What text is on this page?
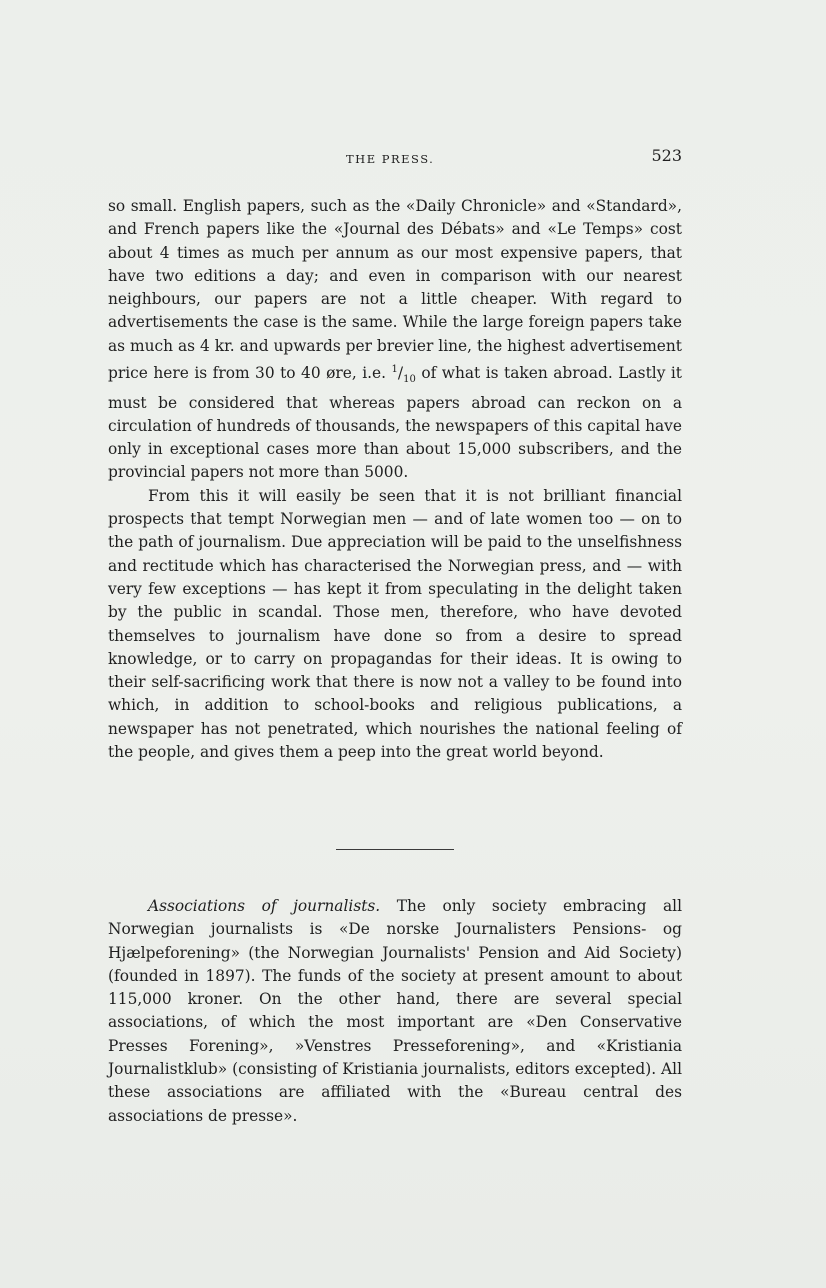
THE PRESS.	523

so small. English papers, such as the «Daily Chronicle» and «Standard», and French papers like the «Journal des Débats» and «Le Temps» cost about 4 times as much per annum as our most expensive papers, that have two editions a day; and even in comparison with our nearest neighbours, our papers are not a little cheaper. With regard to advertisements the case is the same. While the large foreign papers take as much as 4 kr. and upwards per brevier line, the highest advertisement price here is from 30 to 40 øre, i.e. $^1/_{10}$ of what is taken abroad. Lastly it must be considered that whereas papers abroad can reckon on a circulation of hundreds of thousands, the newspapers of this capital have only in exceptional cases more than about 15,000 subscribers, and the provincial papers not more than 5000.

From this it will easily be seen that it is not brilliant financial prospects that tempt Norwegian men — and of late women too — on to the path of journalism. Due appreciation will be paid to the unselfishness and rectitude which has characterised the Norwegian press, and — with very few exceptions — has kept it from speculating in the delight taken by the public in scandal. Those men, therefore, who have devoted themselves to journalism have done so from a desire to spread knowledge, or to carry on propagandas for their ideas. It is owing to their self-sacrificing work that there is now not a valley to be found into which, in addition to school-books and religious publications, a newspaper has not penetrated, which nourishes the national feeling of the people, and gives them a peep into the great world beyond.

Associations of journalists. The only society embracing all Norwegian journalists is «De norske Journalisters Pensions- og Hjælpeforening» (the Norwegian Journalists' Pension and Aid Society) (founded in 1897). The funds of the society at present amount to about 115,000 kroner. On the other hand, there are several special associations, of which the most important are «Den Conservative Presses Forening», »Venstres Presseforening», and «Kristiania Journalistklub» (consisting of Kristiania journalists, editors excepted). All these associations are affiliated with the «Bureau central des associations de presse».
